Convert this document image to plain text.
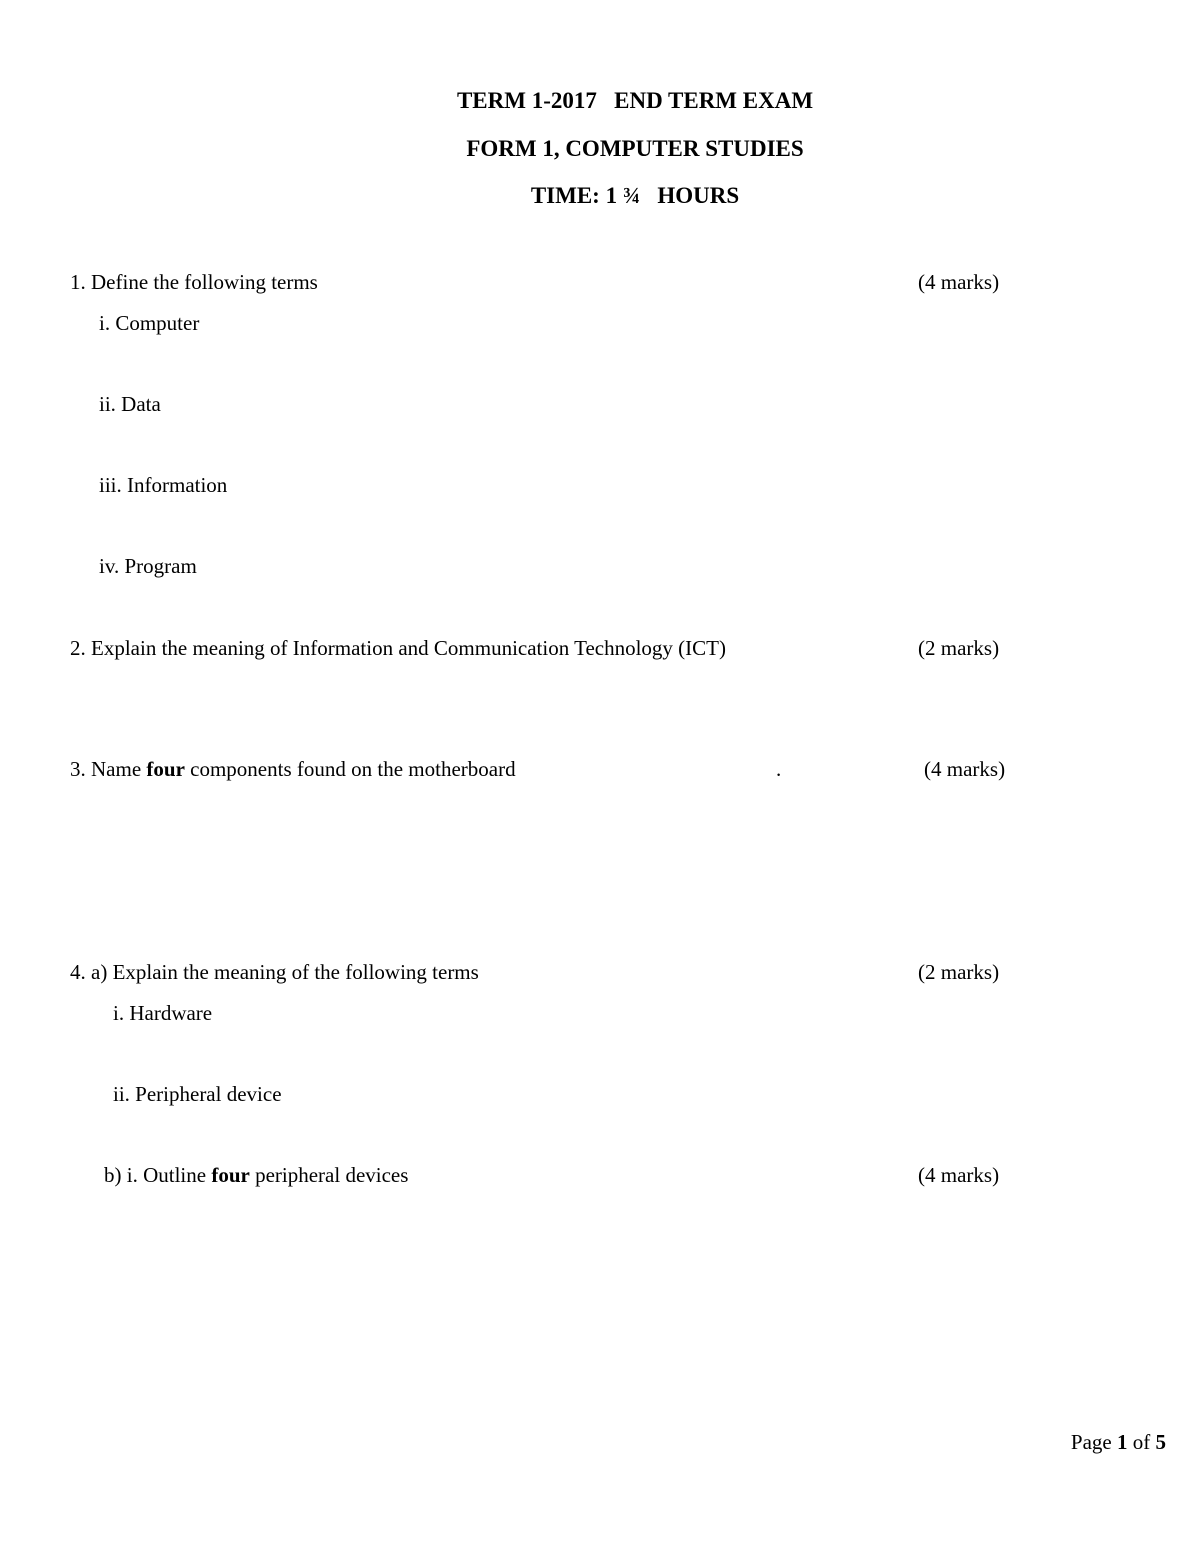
TERM 1-2017   END TERM EXAM
FORM 1, COMPUTER STUDIES
TIME: 1 ¾   HOURS
1. Define the following terms	(4 marks)
i. Computer
ii. Data
iii. Information
iv. Program
2. Explain the meaning of Information and Communication Technology (ICT)	(2 marks)
3. Name four components found on the motherboard	.	(4 marks)
4. a) Explain the meaning of the following terms	(2 marks)
i. Hardware
ii. Peripheral device
b) i. Outline four peripheral devices	(4 marks)
Page 1 of 5
